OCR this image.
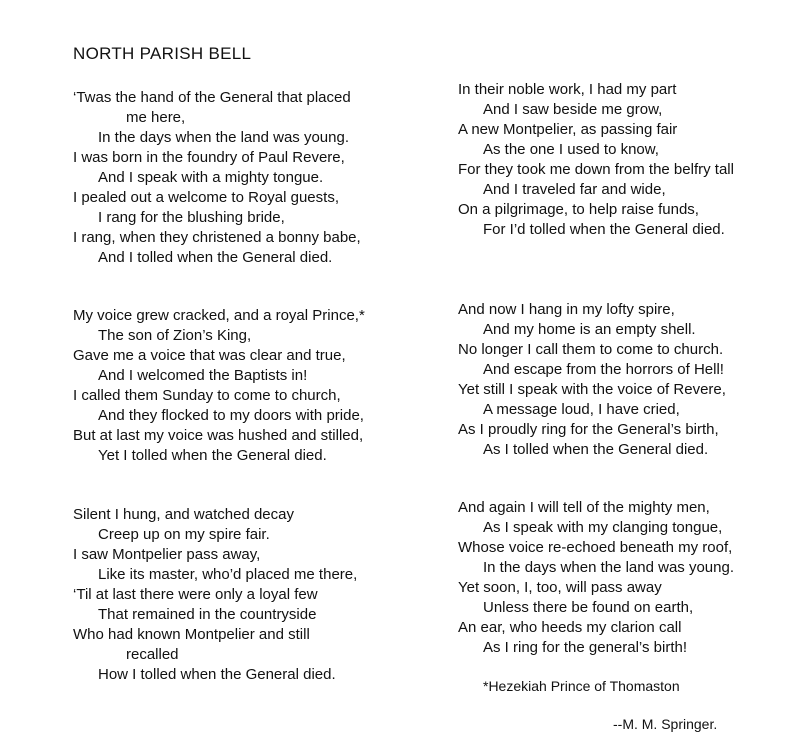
NORTH PARISH BELL
‘Twas the hand of the General that placed
me here,
In the days when the land was young.
I was born in the foundry of Paul Revere,
And I speak with a mighty tongue.
I pealed out a welcome to Royal guests,
I rang for the blushing bride,
I rang, when they christened a bonny babe,
And I tolled when the General died.
My voice grew cracked, and a royal Prince,*
The son of Zion’s King,
Gave me a voice that was clear and true,
And I welcomed the Baptists in!
I called them Sunday to come to church,
And they flocked to my doors with pride,
But at last my voice was hushed and stilled,
Yet I tolled when the General died.
Silent I hung, and watched decay
Creep up on my spire fair.
I saw Montpelier pass away,
Like its master, who’d placed me there,
‘Til at last there were only a loyal few
That remained in the countryside
Who had known Montpelier and still
recalled
How I tolled when the General died.
In their noble work, I had my part
And I saw beside me grow,
A new Montpelier, as passing fair
As the one I used to know,
For they took me down from the belfry tall
And I traveled far and wide,
On a pilgrimage, to help raise funds,
For I’d tolled when the General died.
And now I hang in my lofty spire,
And my home is an empty shell.
No longer I call them to come to church.
And escape from the horrors of Hell!
Yet still I speak with the voice of Revere,
A message loud, I have cried,
As I proudly ring for the General’s birth,
As I tolled when the General died.
And again I will tell of the mighty men,
As I speak with my clanging tongue,
Whose voice re-echoed beneath my roof,
In the days when the land was young.
Yet soon, I, too, will pass away
Unless there be found on earth,
An ear, who heeds my clarion call
As I ring for the general’s birth!
*Hezekiah Prince of Thomaston
--M. M. Springer.
